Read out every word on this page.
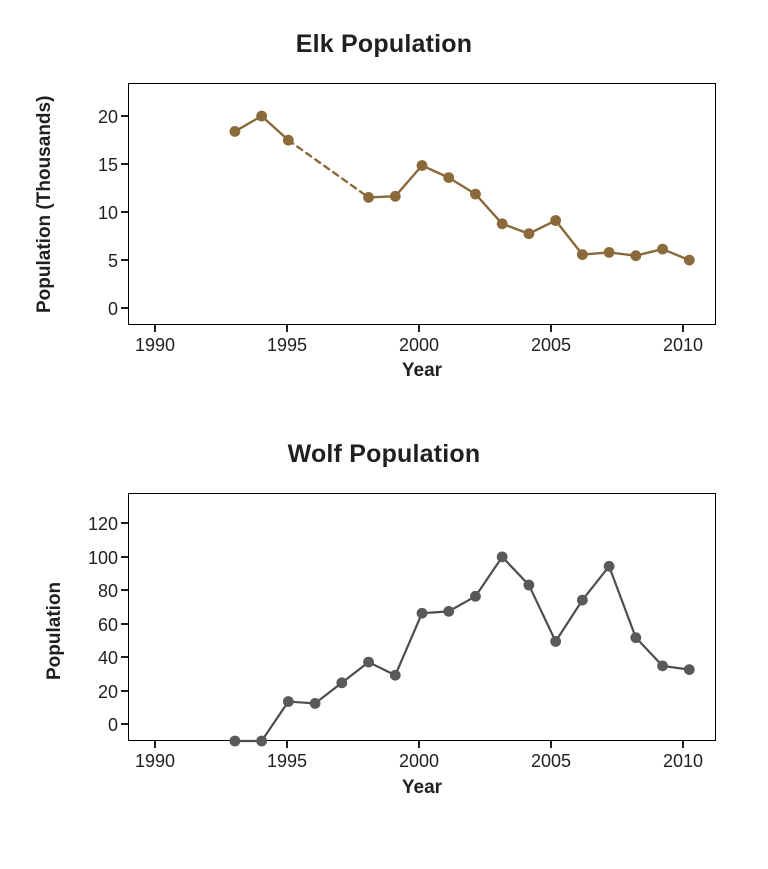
Elk Population
Population (Thousands)	20
15
10
5
0
1990	1995	2000	2005	2010
Year
Wolf Population
Population
120
100
80
60
40
20
0
1990	1995	2000	2005	2010
Year
